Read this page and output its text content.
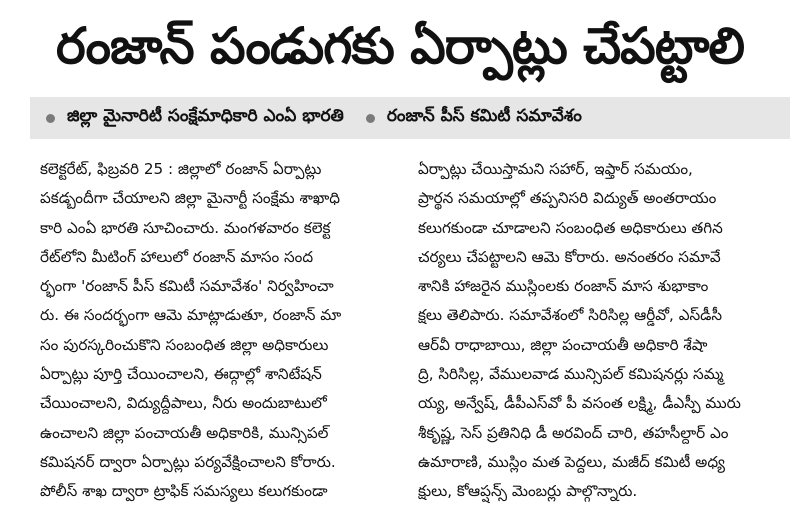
రంజాన్ పండుగకు ఏర్పాట్లు చేపట్టాలి
జిల్లా మైనారిటీ సంక్షేమాధికారి ఎంఏ భారతి	రంజాన్ పీస్ కమిటీ సమావేశం
కలెక్టరేట్, ఫిబ్రవరి 25 : జిల్లాలో రంజాన్ ఏర్పాట్లు
పకడ్బందీగా చేయాలని జిల్లా మైనార్టీ సంక్షేమ శాఖాధి
కారి ఎంఏ భారతి సూచించారు. మంగళవారం కలెక్ట
రేట్‌లోని మీటింగ్ హాలులో రంజాన్ మాసం సంద
ర్భంగా 'రంజాన్ పీస్ కమిటీ సమావేశం' నిర్వహించా
రు. ఈ సందర్భంగా ఆమె మాట్లాడుతూ, రంజాన్ మా
సం పురస్కరించుకొని సంబంధిత జిల్లా అధికారులు
ఏర్పాట్లు పూర్తి చేయించాలని, ఈద్గాల్లో శానిటేషన్
చేయించాలని, విద్యుద్దీపాలు, నీరు అందుబాటులో
ఉంచాలని జిల్లా పంచాయతీ అధికారికి, మున్సిపల్
కమిషనర్ ద్వారా ఏర్పాట్లు పర్యవేక్షించాలని కోరారు.
పోలీస్ శాఖ ద్వారా ట్రాఫిక్ సమస్యలు కలుగకుండా
ఏర్పాట్లు చేయిస్తామని సహార్, ఇఫ్తార్ సమయం,
ప్రార్థన సమయాల్లో తప్పనిసరి విద్యుత్ అంతరాయం
కలుగకుండా చూడాలని సంబంధిత అధికారులు తగిన
చర్యలు చేపట్టాలని ఆమె కోరారు. అనంతరం సమావే
శానికి హాజరైన ముస్లింలకు రంజాన్ మాస శుభాకాం
క్షలు తెలిపారు. సమావేశంలో సిరిసిల్ల ఆర్డీవో, ఎస్‌డీసీ
ఆర్‌వీ రాధాబాయి, జిల్లా పంచాయతీ అధికారి శేషా
ద్రి, సిరిసిల్ల, వేములవాడ మున్సిపల్ కమిషనర్లు సమ్మ
య్య, అన్వేష్, డీపీఎస్‌వో పీ వసంత లక్ష్మి, డీఎస్పీ మురు
శీకృష్ణ, సెస్ ప్రతినిధి డీ అరవింద్ చారి, తహసీల్దార్ ఎం
ఉమారాణి, ముస్లిం మత పెద్దలు, మజీద్ కమిటీ అధ్య
క్షులు, కోఆప్షన్స్ మెంబర్లు పాల్గొన్నారు.
